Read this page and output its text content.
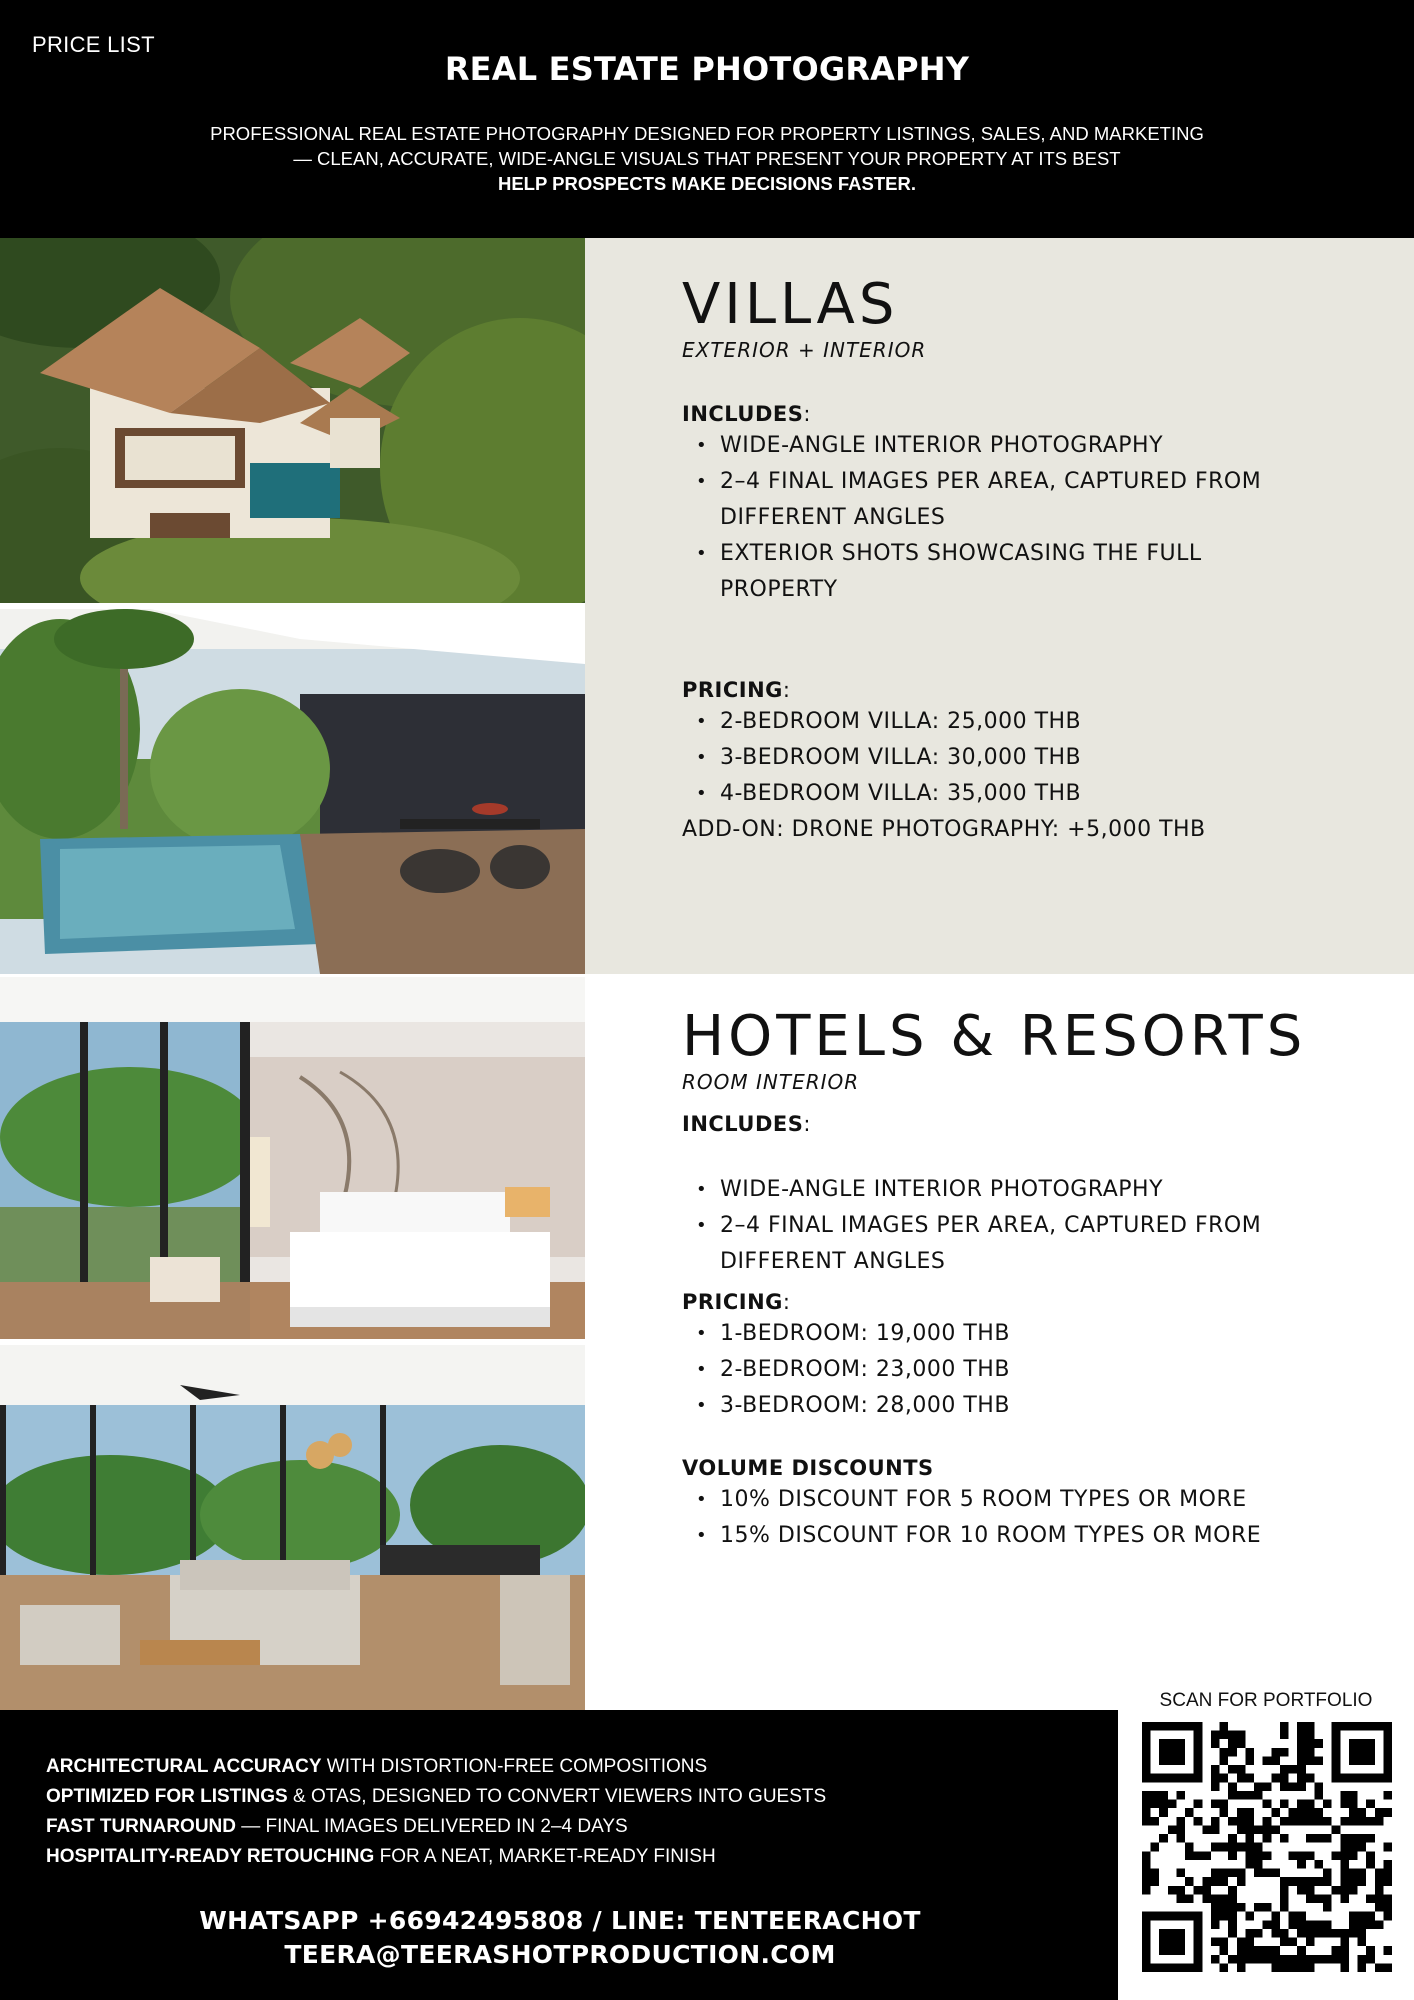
PRICE LIST
REAL ESTATE PHOTOGRAPHY
PROFESSIONAL REAL ESTATE PHOTOGRAPHY DESIGNED FOR PROPERTY LISTINGS, SALES, AND MARKETING
— CLEAN, ACCURATE, WIDE-ANGLE VISUALS THAT PRESENT YOUR PROPERTY AT ITS BEST
HELP PROSPECTS MAKE DECISIONS FASTER.
VILLAS
EXTERIOR + INTERIOR
INCLUDES:
• WIDE-ANGLE INTERIOR PHOTOGRAPHY
• 2–4 FINAL IMAGES PER AREA, CAPTURED FROM DIFFERENT ANGLES
• EXTERIOR SHOTS SHOWCASING THE FULL PROPERTY
PRICING:
• 2-BEDROOM VILLA: 25,000 THB
• 3-BEDROOM VILLA: 30,000 THB
• 4-BEDROOM VILLA: 35,000 THB
ADD-ON: DRONE PHOTOGRAPHY: +5,000 THB
HOTELS & RESORTS
ROOM INTERIOR
INCLUDES:
• WIDE-ANGLE INTERIOR PHOTOGRAPHY
• 2–4 FINAL IMAGES PER AREA, CAPTURED FROM DIFFERENT ANGLES
PRICING:
• 1-BEDROOM: 19,000 THB
• 2-BEDROOM: 23,000 THB
• 3-BEDROOM: 28,000 THB
VOLUME DISCOUNTS
• 10% DISCOUNT FOR 5 ROOM TYPES OR MORE
• 15% DISCOUNT FOR 10 ROOM TYPES OR MORE
ARCHITECTURAL ACCURACY WITH DISTORTION-FREE COMPOSITIONS
OPTIMIZED FOR LISTINGS & OTAS, DESIGNED TO CONVERT VIEWERS INTO GUESTS
FAST TURNAROUND — FINAL IMAGES DELIVERED IN 2–4 DAYS
HOSPITALITY-READY RETOUCHING FOR A NEAT, MARKET-READY FINISH
WHATSAPP +66942495808 / LINE: TENTEERACHOT
TEERA@TEERASHOTPRODUCTION.COM
SCAN FOR PORTFOLIO
